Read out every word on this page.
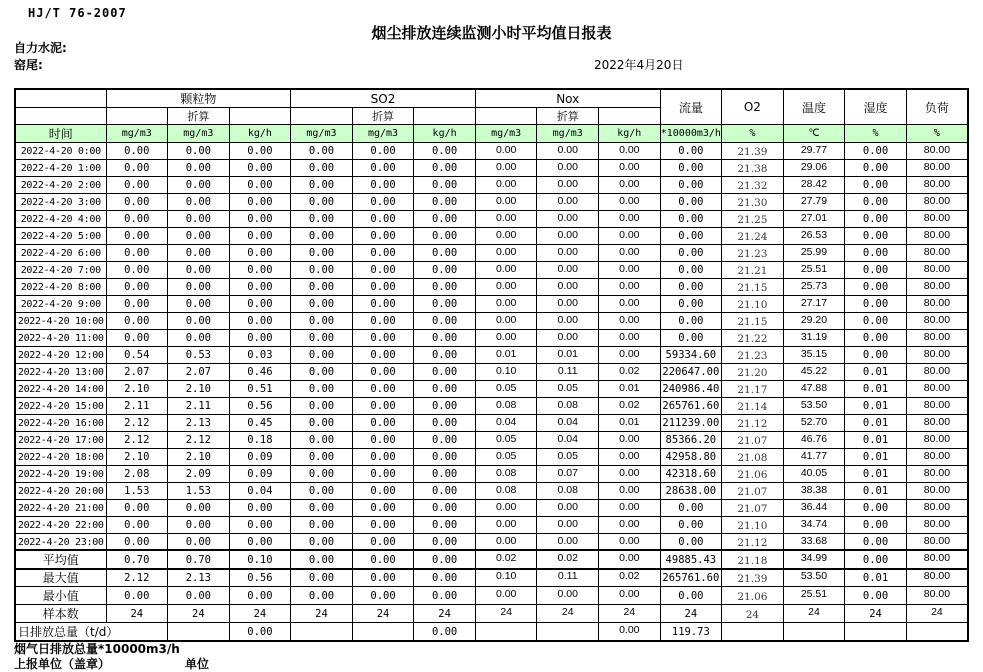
HJ/T 76-2007
烟尘排放连续监测小时平均值日报表
自力水泥:
窑尾:	2022年4月20日
	颗粒物			SO2			Nox			流量	O2	温度	湿度	负荷
		折算			折算			折算						
时间	mg/m3	mg/m3	kg/h	mg/m3	mg/m3	kg/h	mg/m3	mg/m3	kg/h	*10000m3/h	%	℃	%	%
2022-4-20 0:00	0.00	0.00	0.00	0.00	0.00	0.00	0.00	0.00	0.00	0.00	21.39	29.77	0.00	80.00
2022-4-20 1:00	0.00	0.00	0.00	0.00	0.00	0.00	0.00	0.00	0.00	0.00	21.38	29.06	0.00	80.00
2022-4-20 2:00	0.00	0.00	0.00	0.00	0.00	0.00	0.00	0.00	0.00	0.00	21.32	28.42	0.00	80.00
2022-4-20 3:00	0.00	0.00	0.00	0.00	0.00	0.00	0.00	0.00	0.00	0.00	21.30	27.79	0.00	80.00
2022-4-20 4:00	0.00	0.00	0.00	0.00	0.00	0.00	0.00	0.00	0.00	0.00	21.25	27.01	0.00	80.00
2022-4-20 5:00	0.00	0.00	0.00	0.00	0.00	0.00	0.00	0.00	0.00	0.00	21.24	26.53	0.00	80.00
2022-4-20 6:00	0.00	0.00	0.00	0.00	0.00	0.00	0.00	0.00	0.00	0.00	21.23	25.99	0.00	80.00
2022-4-20 7:00	0.00	0.00	0.00	0.00	0.00	0.00	0.00	0.00	0.00	0.00	21.21	25.51	0.00	80.00
2022-4-20 8:00	0.00	0.00	0.00	0.00	0.00	0.00	0.00	0.00	0.00	0.00	21.15	25.73	0.00	80.00
2022-4-20 9:00	0.00	0.00	0.00	0.00	0.00	0.00	0.00	0.00	0.00	0.00	21.10	27.17	0.00	80.00
2022-4-20 10:00	0.00	0.00	0.00	0.00	0.00	0.00	0.00	0.00	0.00	0.00	21.15	29.20	0.00	80.00
2022-4-20 11:00	0.00	0.00	0.00	0.00	0.00	0.00	0.00	0.00	0.00	0.00	21.22	31.19	0.00	80.00
2022-4-20 12:00	0.54	0.53	0.03	0.00	0.00	0.00	0.01	0.01	0.00	59334.60	21.23	35.15	0.00	80.00
2022-4-20 13:00	2.07	2.07	0.46	0.00	0.00	0.00	0.10	0.11	0.02	220647.00	21.20	45.22	0.01	80.00
2022-4-20 14:00	2.10	2.10	0.51	0.00	0.00	0.00	0.05	0.05	0.01	240986.40	21.17	47.88	0.01	80.00
2022-4-20 15:00	2.11	2.11	0.56	0.00	0.00	0.00	0.08	0.08	0.02	265761.60	21.14	53.50	0.01	80.00
2022-4-20 16:00	2.12	2.13	0.45	0.00	0.00	0.00	0.04	0.04	0.01	211239.00	21.12	52.70	0.01	80.00
2022-4-20 17:00	2.12	2.12	0.18	0.00	0.00	0.00	0.05	0.04	0.00	85366.20	21.07	46.76	0.01	80.00
2022-4-20 18:00	2.10	2.10	0.09	0.00	0.00	0.00	0.05	0.05	0.00	42958.80	21.08	41.77	0.01	80.00
2022-4-20 19:00	2.08	2.09	0.09	0.00	0.00	0.00	0.08	0.07	0.00	42318.60	21.06	40.05	0.01	80.00
2022-4-20 20:00	1.53	1.53	0.04	0.00	0.00	0.00	0.08	0.08	0.00	28638.00	21.07	38.38	0.01	80.00
2022-4-20 21:00	0.00	0.00	0.00	0.00	0.00	0.00	0.00	0.00	0.00	0.00	21.07	36.44	0.00	80.00
2022-4-20 22:00	0.00	0.00	0.00	0.00	0.00	0.00	0.00	0.00	0.00	0.00	21.10	34.74	0.00	80.00
2022-4-20 23:00	0.00	0.00	0.00	0.00	0.00	0.00	0.00	0.00	0.00	0.00	21.12	33.68	0.00	80.00

平均值	0.70	0.70	0.10	0.00	0.00	0.00	0.02	0.02	0.00	49885.43	21.18	34.99	0.00	80.00
最大值	2.12	2.13	0.56	0.00	0.00	0.00	0.10	0.11	0.02	265761.60	21.39	53.50	0.01	80.00
最小值	0.00	0.00	0.00	0.00	0.00	0.00	0.00	0.00	0.00	0.00	21.06	25.51	0.00	80.00
样本数	24	24	24	24	24	24	24	24	24	24	24	24	24	24
日排放总量（t/d）			0.00			0.00			0.00	119.73				
烟气日排放总量*10000m3/h
上报单位（盖章）	单位
